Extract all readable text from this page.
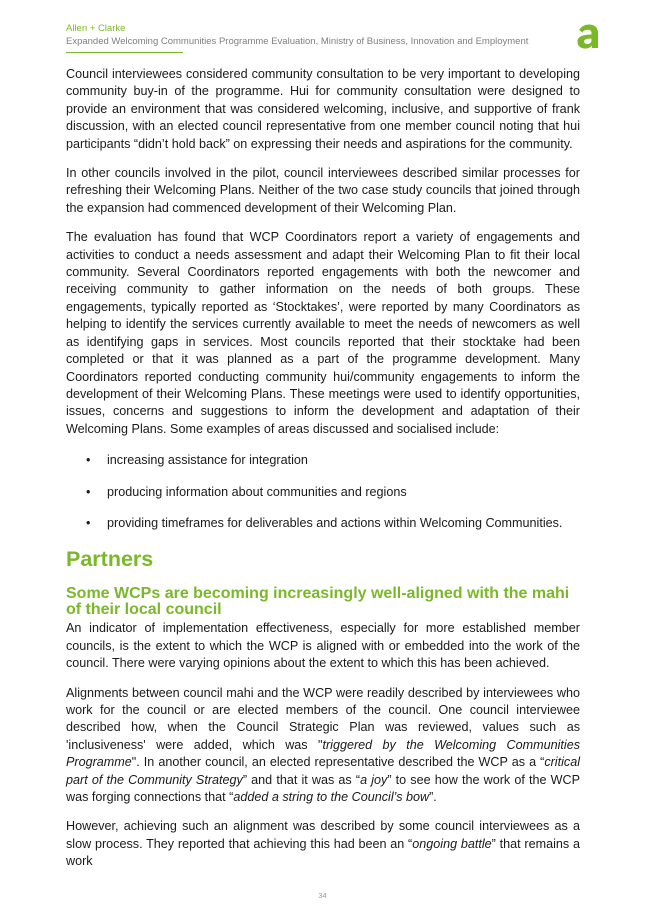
Allen + Clarke
Expanded Welcoming Communities Programme Evaluation, Ministry of Business, Innovation and Employment

Council interviewees considered community consultation to be very important to developing community buy-in of the programme. Hui for community consultation were designed to provide an environment that was considered welcoming, inclusive, and supportive of frank discussion, with an elected council representative from one member council noting that hui participants “didn’t hold back” on expressing their needs and aspirations for the community.

In other councils involved in the pilot, council interviewees described similar processes for refreshing their Welcoming Plans. Neither of the two case study councils that joined through the expansion had commenced development of their Welcoming Plan.

The evaluation has found that WCP Coordinators report a variety of engagements and activities to conduct a needs assessment and adapt their Welcoming Plan to fit their local community. Several Coordinators reported engagements with both the newcomer and receiving community to gather information on the needs of both groups. These engagements, typically reported as ‘Stocktakes’, were reported by many Coordinators as helping to identify the services currently available to meet the needs of newcomers as well as identifying gaps in services. Most councils reported that their stocktake had been completed or that it was planned as a part of the programme development. Many Coordinators reported conducting community hui/community engagements to inform the development of their Welcoming Plans. These meetings were used to identify opportunities, issues, concerns and suggestions to inform the development and adaptation of their Welcoming Plans. Some examples of areas discussed and socialised include:

• increasing assistance for integration
• producing information about communities and regions
• providing timeframes for deliverables and actions within Welcoming Communities.
Partners
Some WCPs are becoming increasingly well-aligned with the mahi of their local council

An indicator of implementation effectiveness, especially for more established member councils, is the extent to which the WCP is aligned with or embedded into the work of the council. There were varying opinions about the extent to which this has been achieved.

Alignments between council mahi and the WCP were readily described by interviewees who work for the council or are elected members of the council. One council interviewee described how, when the Council Strategic Plan was reviewed, values such as 'inclusiveness' were added, which was "triggered by the Welcoming Communities Programme". In another council, an elected representative described the WCP as a “critical part of the Community Strategy” and that it was as “a joy” to see how the work of the WCP was forging connections that “added a string to the Council’s bow”.

However, achieving such an alignment was described by some council interviewees as a slow process. They reported that achieving this had been an “ongoing battle” that remains a work

34
